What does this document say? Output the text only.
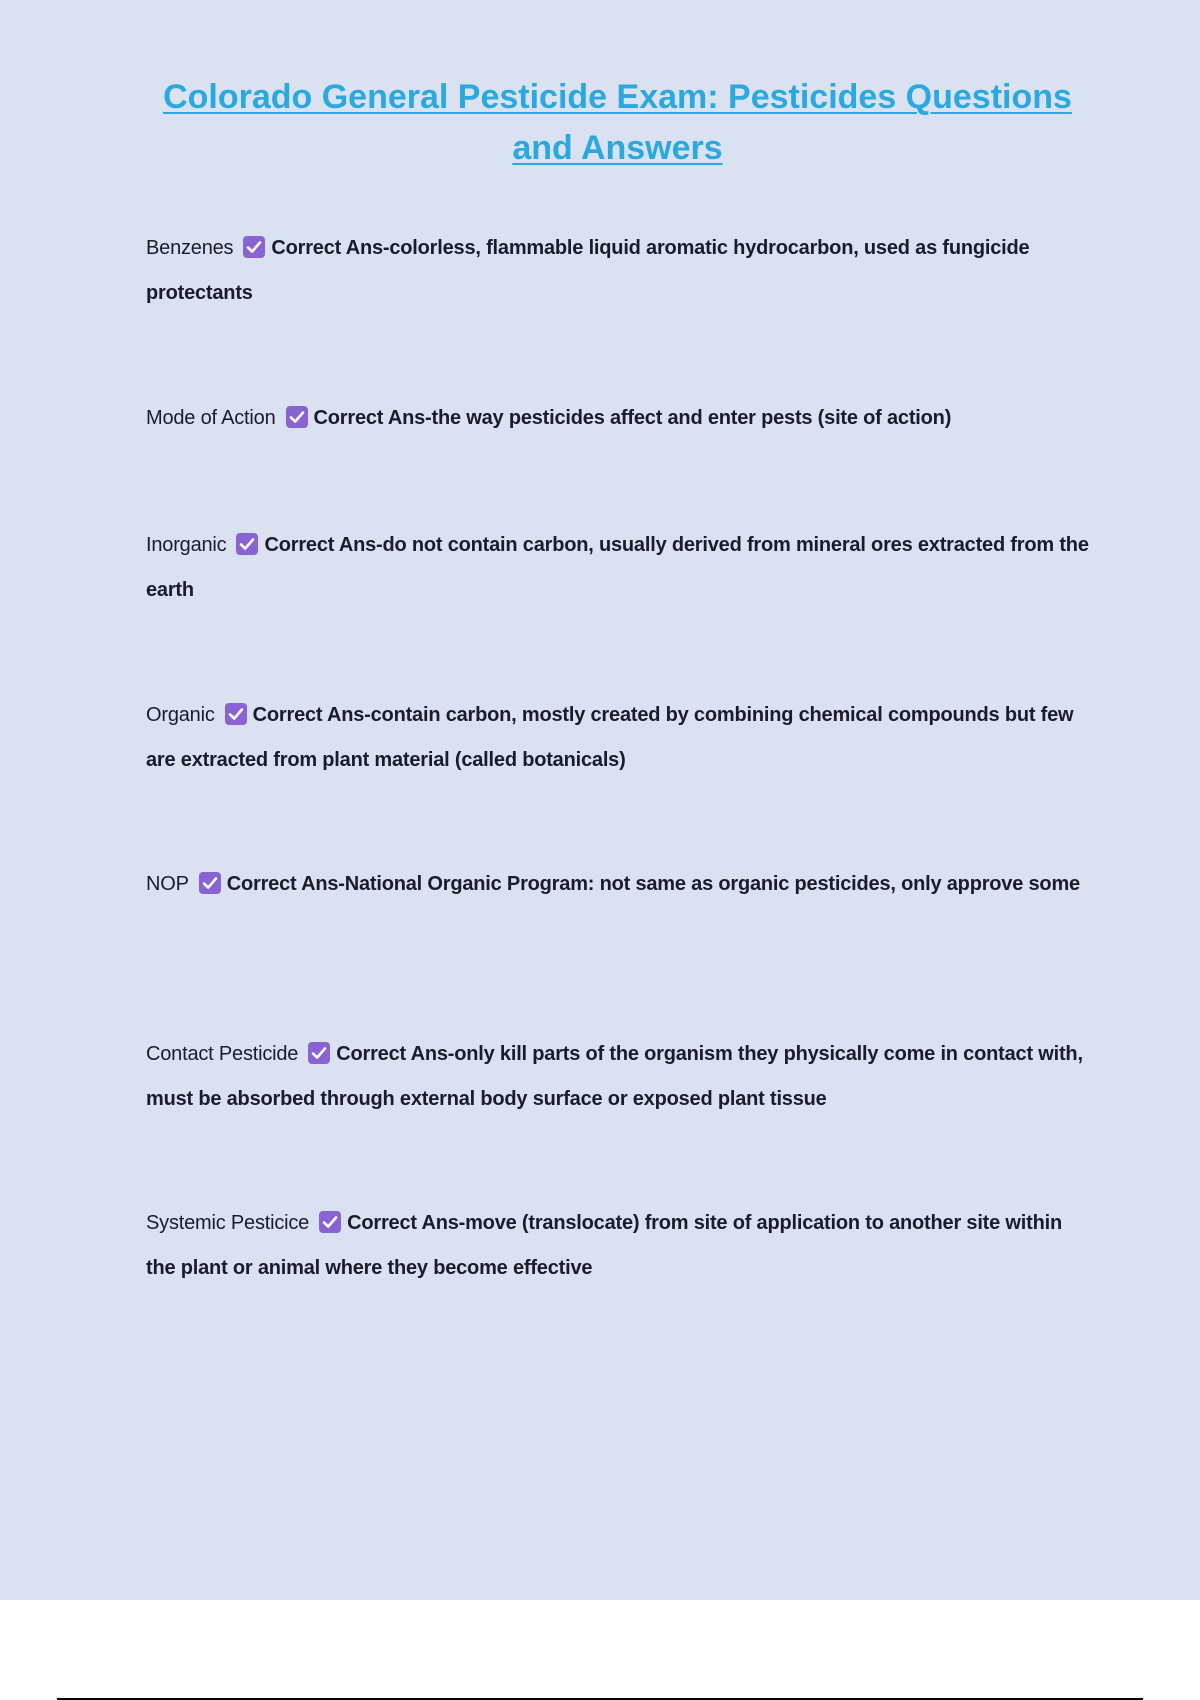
Colorado General Pesticide Exam: Pesticides Questions and Answers

Benzenes Correct Ans-colorless, flammable liquid aromatic hydrocarbon, used as fungicide protectants

Mode of Action Correct Ans-the way pesticides affect and enter pests (site of action)

Inorganic Correct Ans-do not contain carbon, usually derived from mineral ores extracted from the earth

Organic Correct Ans-contain carbon, mostly created by combining chemical compounds but few are extracted from plant material (called botanicals)

NOP Correct Ans-National Organic Program: not same as organic pesticides, only approve some

Contact Pesticide Correct Ans-only kill parts of the organism they physically come in contact with, must be absorbed through external body surface or exposed plant tissue

Systemic Pesticice Correct Ans-move (translocate) from site of application to another site within the plant or animal where they become effective
